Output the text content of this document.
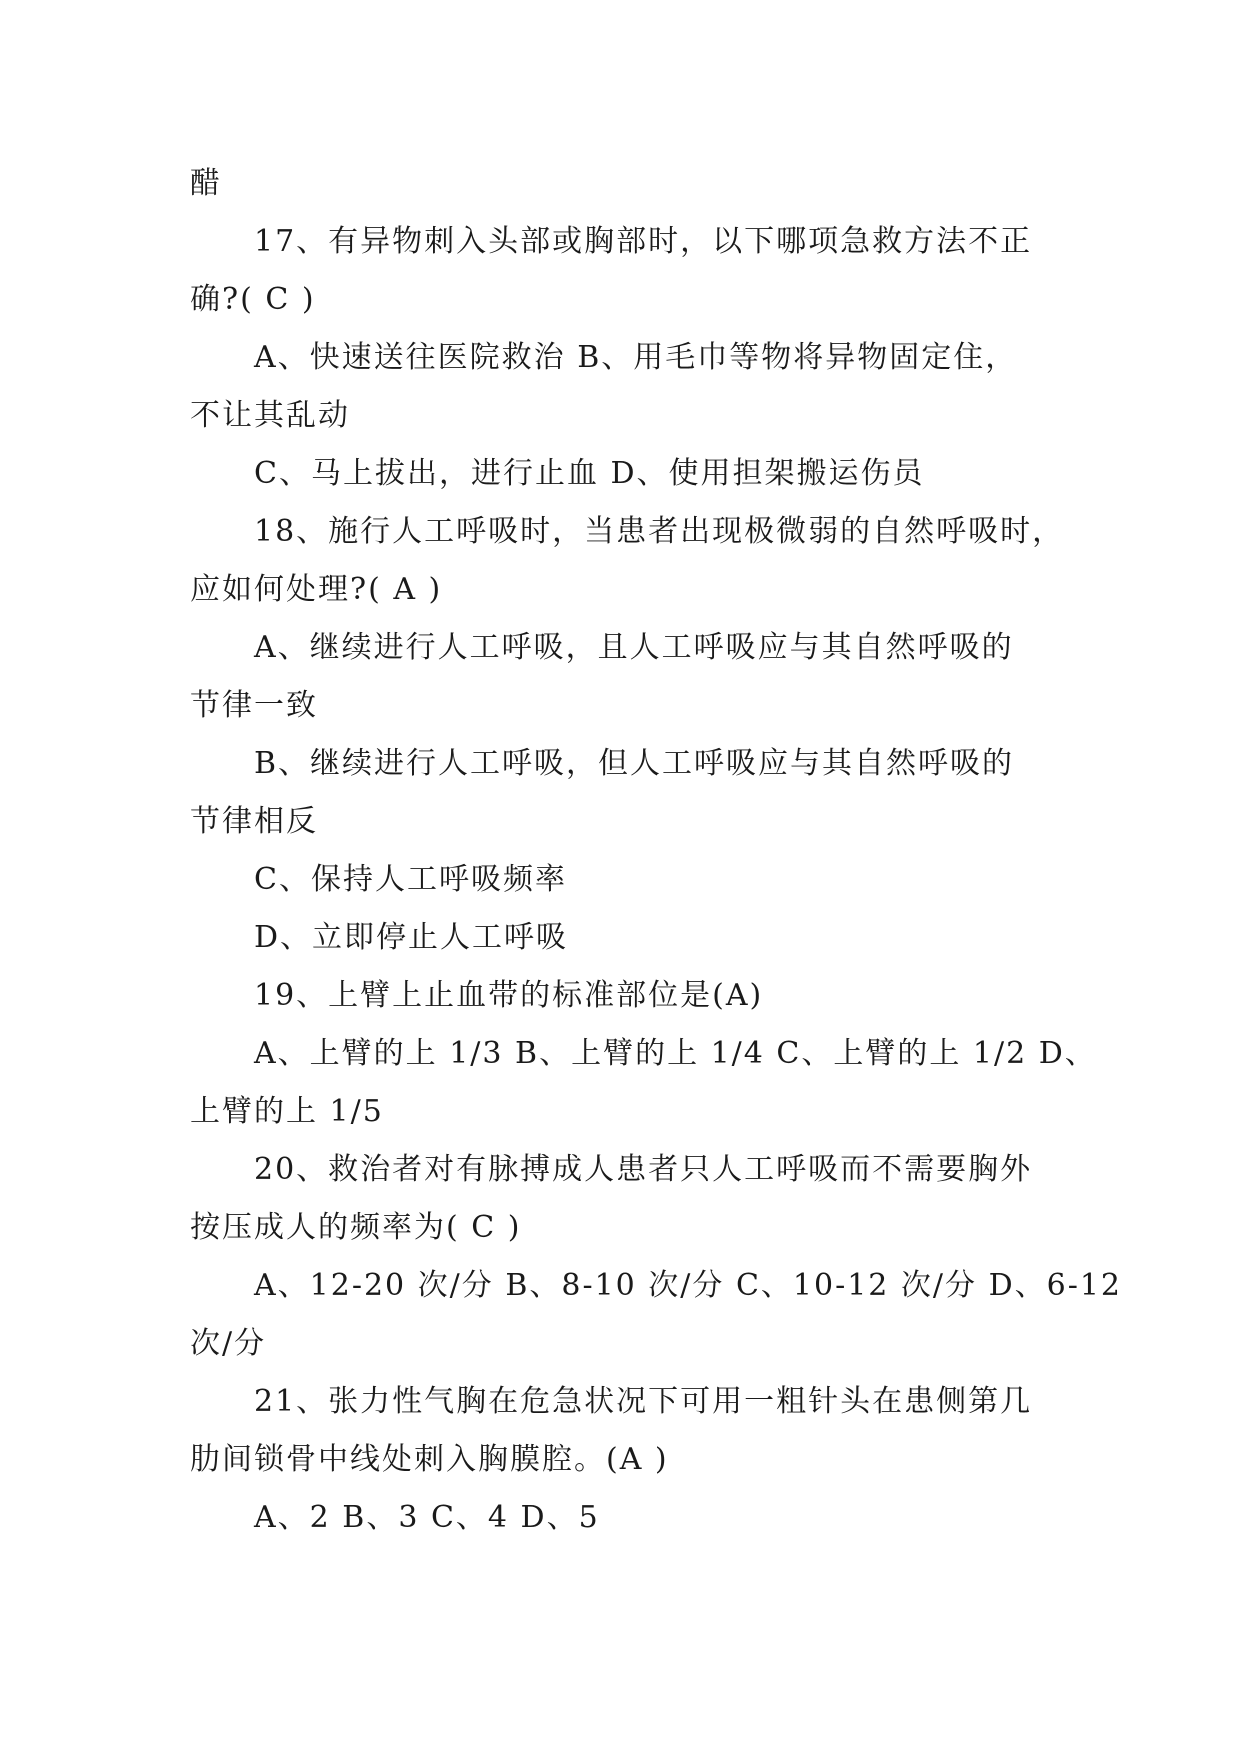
醋
17、有异物刺入头部或胸部时，以下哪项急救方法不正
确?( C )
A、快速送往医院救治 B、用毛巾等物将异物固定住，
不让其乱动
C、马上拔出，进行止血 D、使用担架搬运伤员
18、施行人工呼吸时，当患者出现极微弱的自然呼吸时，
应如何处理?( A )
A、继续进行人工呼吸，且人工呼吸应与其自然呼吸的
节律一致
B、继续进行人工呼吸，但人工呼吸应与其自然呼吸的
节律相反
C、保持人工呼吸频率
D、立即停止人工呼吸
19、上臂上止血带的标准部位是(A)
A、上臂的上 1/3 B、上臂的上 1/4 C、上臂的上 1/2 D、
上臂的上 1/5
20、救治者对有脉搏成人患者只人工呼吸而不需要胸外
按压成人的频率为( C )
A、12-20 次/分 B、8-10 次/分 C、10-12 次/分 D、6-12
次/分
21、张力性气胸在危急状况下可用一粗针头在患侧第几
肋间锁骨中线处刺入胸膜腔。(A )
A、2 B、3 C、4 D、5
